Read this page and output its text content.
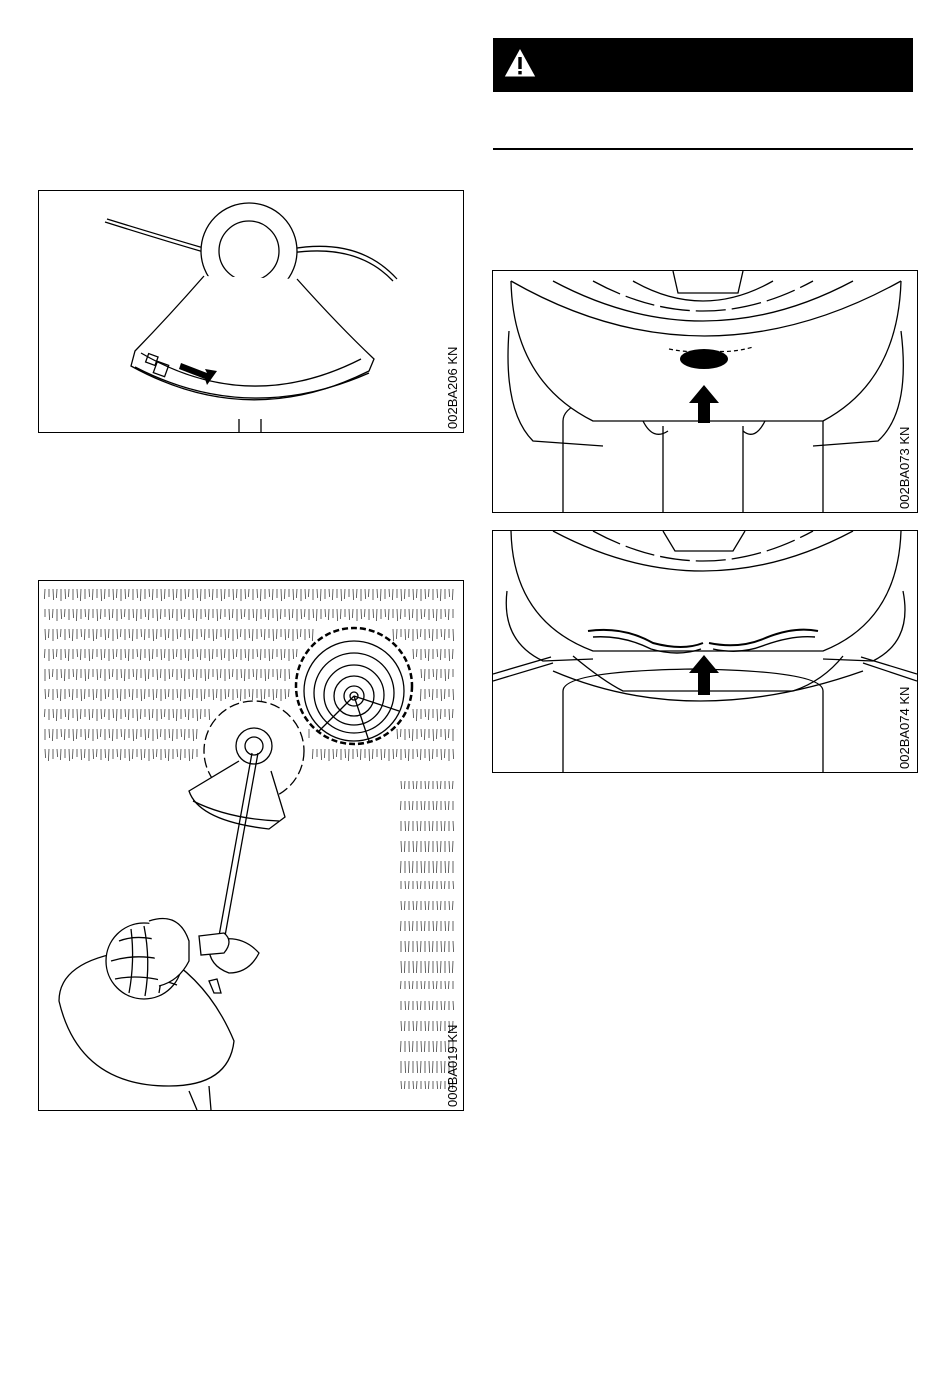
002BA206 KN
000BA019 KN
002BA073 KN
002BA074 KN
